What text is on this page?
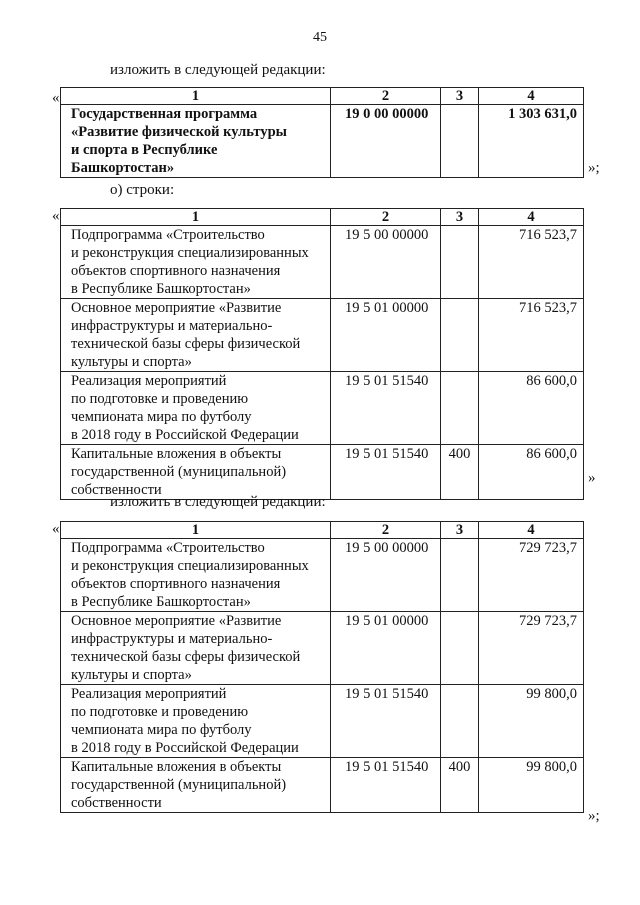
45
изложить в следующей редакции:
«	1	2	3	4

Государственная программа
«Развитие физической культуры
и спорта в Республике
Башкортостан»	19 0 00 00000		1 303 631,0
»;
о) строки:
«	1	2	3	4

Подпрограмма «Строительство
и реконструкция специализированных
объектов спортивного назначения
в Республике Башкортостан»	19 5 00 00000		716 523,7

Основное мероприятие «Развитие
инфраструктуры и материально-
технической базы сферы физической
культуры и спорта»	19 5 01 00000		716 523,7

Реализация мероприятий
по подготовке и проведению
чемпионата мира по футболу
в 2018 году в Российской Федерации	19 5 01 51540		86 600,0

Капитальные вложения в объекты
государственной (муниципальной)
собственности	19 5 01 51540	400	86 600,0
»
изложить в следующей редакции:
«	1	2	3	4

Подпрограмма «Строительство
и реконструкция специализированных
объектов спортивного назначения
в Республике Башкортостан»	19 5 00 00000		729 723,7

Основное мероприятие «Развитие
инфраструктуры и материально-
технической базы сферы физической
культуры и спорта»	19 5 01 00000		729 723,7

Реализация мероприятий
по подготовке и проведению
чемпионата мира по футболу
в 2018 году в Российской Федерации	19 5 01 51540		99 800,0

Капитальные вложения в объекты
государственной (муниципальной)
собственности	19 5 01 51540	400	99 800,0
»;
